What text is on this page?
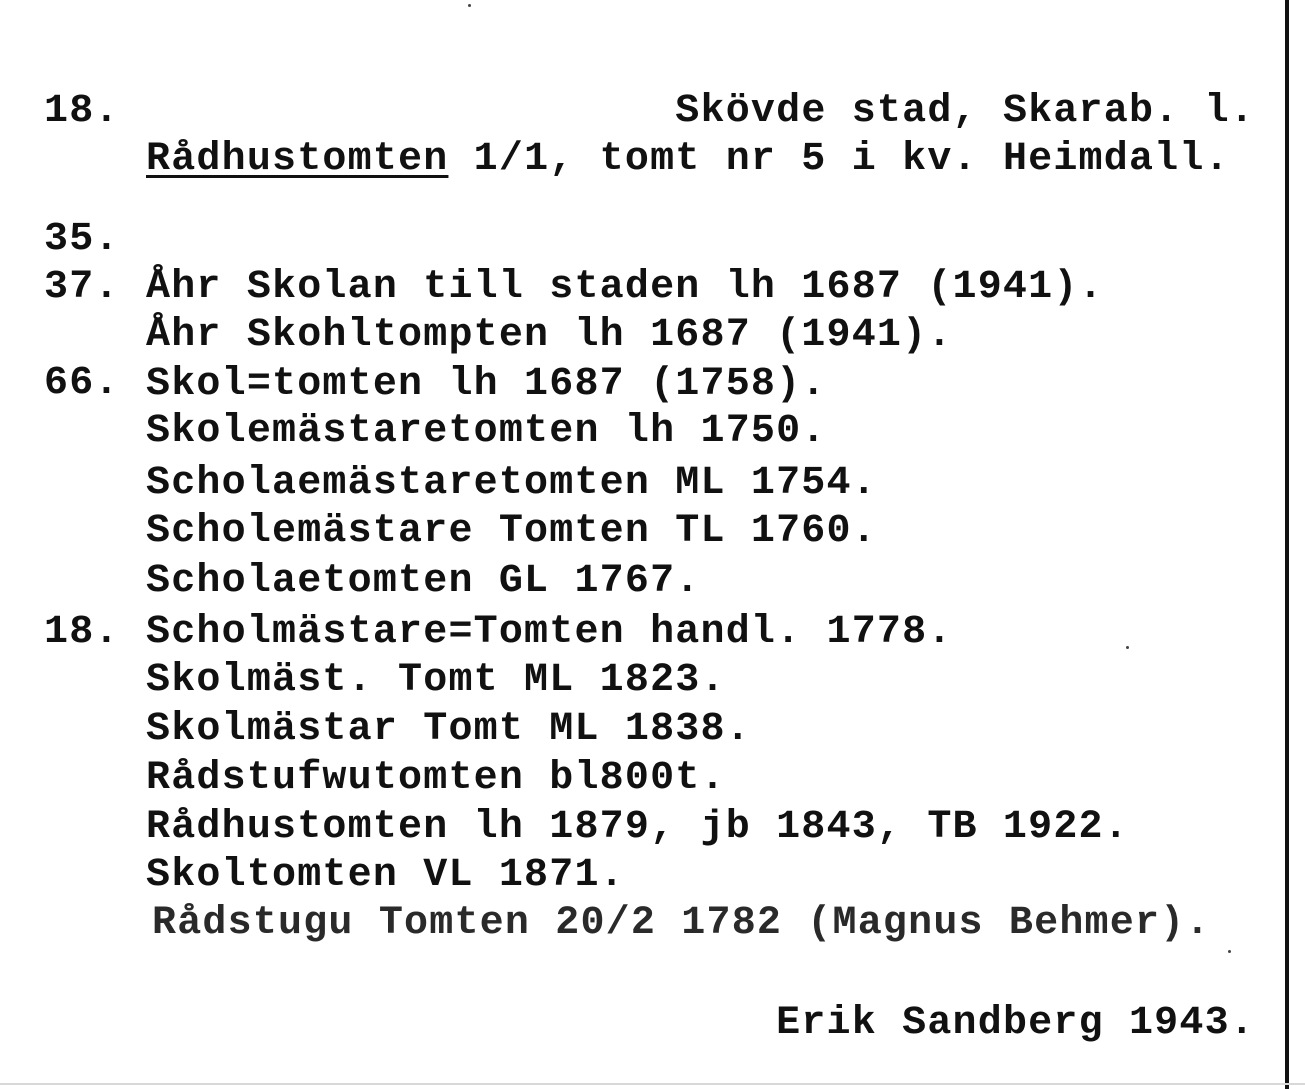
18.

Rådhustomten 1/1, tomt nr 5 i kv. Heimdall.

Skövde stad, Skarab. l.

35.

Åhr Skolan till staden lh 1687 (1941).

37.

Åhr Skohltompten lh 1687 (1941).

Skol=tomten lh 1687 (1758).

66.

Skolemästaretomten lh 1750.

Scholaemästaretomten ML 1754.

Scholemästare Tomten TL 1760.

Scholaetomten GL 1767.

Scholmästare=Tomten handl. 1778.

18.

Skolmäst. Tomt ML 1823.

Skolmästar Tomt ML 1838.

Rådstufwutomten bl800t.

Rådhustomten lh 1879, jb 1843, TB 1922.

Skoltomten VL 1871.

Rådstugu Tomten 20/2 1782 (Magnus Behmer).

Erik Sandberg 1943.
